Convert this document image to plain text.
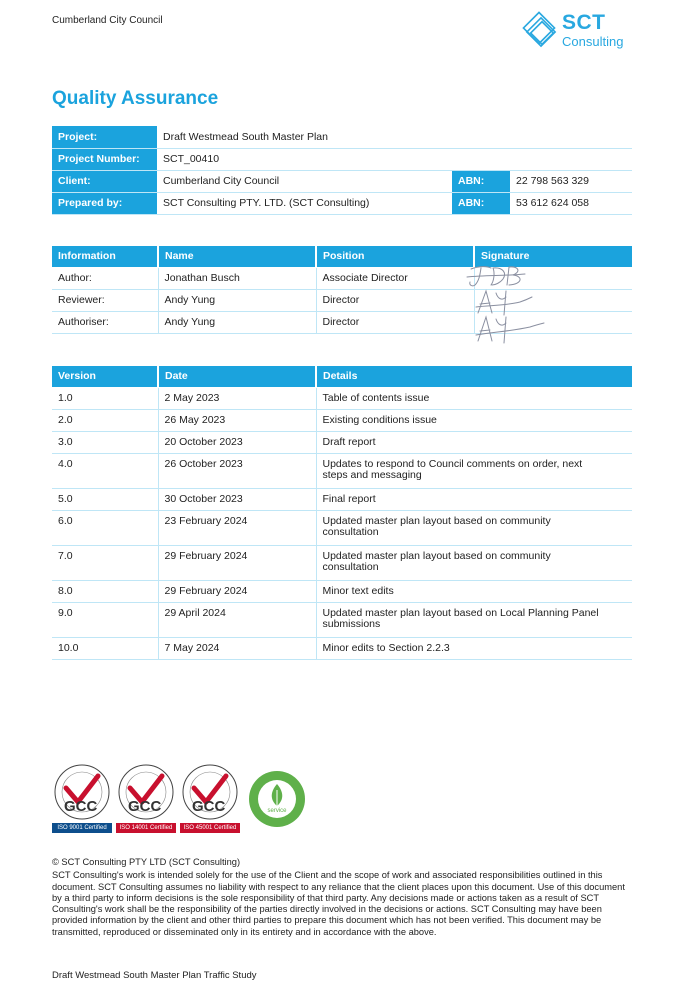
Cumberland City Council	SCT
Consulting
Quality Assurance
Project:	Draft Westmead South Master Plan		
Project Number:	SCT_00410		
Client:	Cumberland City Council	ABN:	22 798 563 329
Prepared by:	SCT Consulting PTY. LTD. (SCT Consulting)	ABN:	53 612 624 058
Information	Name	Position	Signature
Author:	Jonathan Busch	Associate Director	
Reviewer:	Andy Yung	Director	
Authoriser:	Andy Yung	Director	
Version	Date	Details
1.0	2 May 2023	Table of contents issue
2.0	26 May 2023	Existing conditions issue
3.0	20 October 2023	Draft report
4.0	26 October 2023	Updates to respond to Council comments on order, next steps and messaging
5.0	30 October 2023	Final report
6.0	23 February 2024	Updated master plan layout based on community consultation
7.0	29 February 2024	Updated master plan layout based on community consultation
8.0	29 February 2024	Minor text edits
9.0	29 April 2024	Updated master plan layout based on Local Planning Panel submissions
10.0	7 May 2024	Minor edits to Section 2.2.3
GCC
ISO 9001 Certified
GCC
ISO 14001 Certified
GCC
ISO 45001 Certified
service

© SCT Consulting PTY LTD (SCT Consulting)

SCT Consulting's work is intended solely for the use of the Client and the scope of work and associated responsibilities outlined in this document. SCT Consulting assumes no liability with respect to any reliance that the client places upon this document. Use of this document by a third party to inform decisions is the sole responsibility of that third party. Any decisions made or actions taken as a result of SCT Consulting's work shall be the responsibility of the parties directly involved in the decisions or actions. SCT Consulting may have been provided information by the client and other third parties to prepare this document which has not been verified. This document may be transmitted, reproduced or disseminated only in its entirety and in accordance with the above.

Draft Westmead South Master Plan Traffic Study
